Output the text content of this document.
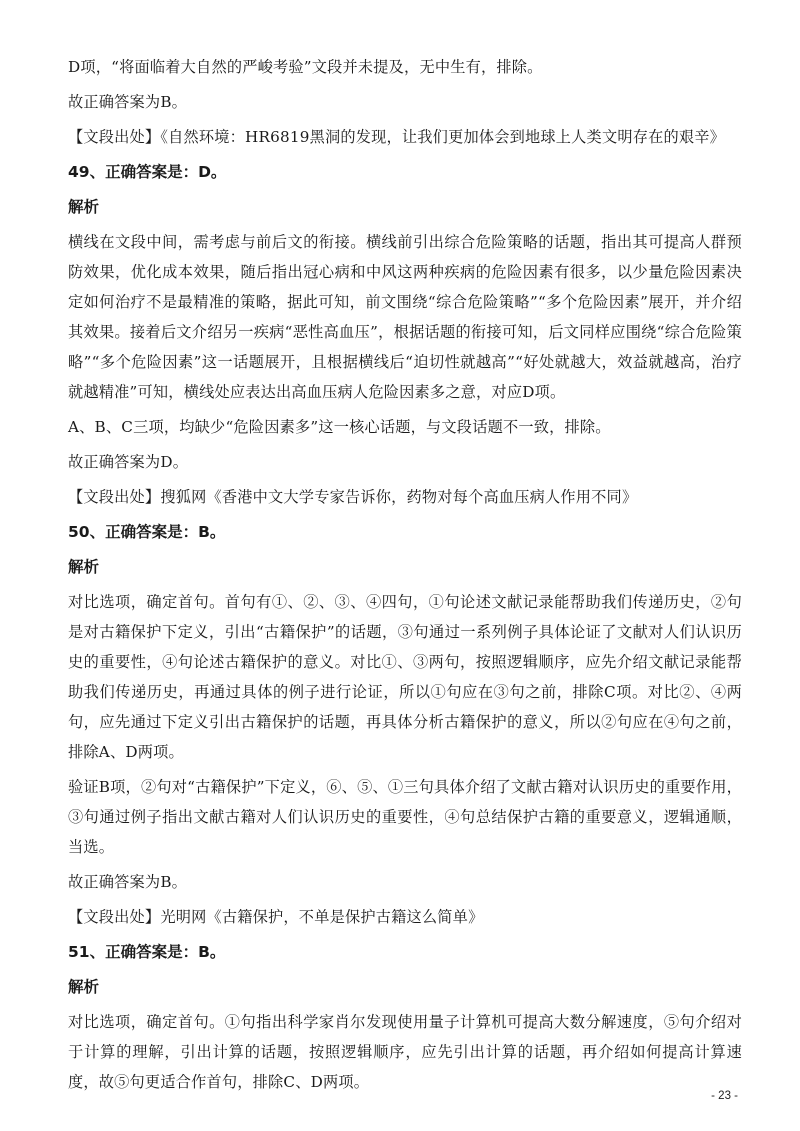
D项，“将面临着大自然的严峻考验”文段并未提及，无中生有，排除。

故正确答案为B。

【文段出处】《自然环境：HR6819黑洞的发现，让我们更加体会到地球上人类文明存在的艰辛》

49、正确答案是：D。

解析

横线在文段中间，需考虑与前后文的衔接。横线前引出综合危险策略的话题，指出其可提高人群预防效果，优化成本效果，随后指出冠心病和中风这两种疾病的危险因素有很多，以少量危险因素决定如何治疗不是最精准的策略，据此可知，前文围绕“综合危险策略”“多个危险因素”展开，并介绍其效果。接着后文介绍另一疾病“恶性高血压”，根据话题的衔接可知，后文同样应围绕“综合危险策略”“多个危险因素”这一话题展开，且根据横线后“迫切性就越高”“好处就越大，效益就越高，治疗就越精准”可知，横线处应表达出高血压病人危险因素多之意，对应D项。

A、B、C三项，均缺少“危险因素多”这一核心话题，与文段话题不一致，排除。

故正确答案为D。

【文段出处】搜狐网《香港中文大学专家告诉你，药物对每个高血压病人作用不同》

50、正确答案是：B。

解析

对比选项，确定首句。首句有①、②、③、④四句，①句论述文献记录能帮助我们传递历史，②句是对古籍保护下定义，引出“古籍保护”的话题，③句通过一系列例子具体论证了文献对人们认识历史的重要性，④句论述古籍保护的意义。对比①、③两句，按照逻辑顺序，应先介绍文献记录能帮助我们传递历史，再通过具体的例子进行论证，所以①句应在③句之前，排除C项。对比②、④两句，应先通过下定义引出古籍保护的话题，再具体分析古籍保护的意义，所以②句应在④句之前，排除A、D两项。

验证B项，②句对“古籍保护”下定义，⑥、⑤、①三句具体介绍了文献古籍对认识历史的重要作用，③句通过例子指出文献古籍对人们认识历史的重要性，④句总结保护古籍的重要意义，逻辑通顺，当选。

故正确答案为B。

【文段出处】光明网《古籍保护，不单是保护古籍这么简单》

51、正确答案是：B。

解析

对比选项，确定首句。①句指出科学家肖尔发现使用量子计算机可提高大数分解速度，⑤句介绍对于计算的理解，引出计算的话题，按照逻辑顺序，应先引出计算的话题，再介绍如何提高计算速度，故⑤句更适合作首句，排除C、D两项。

- 23 -
